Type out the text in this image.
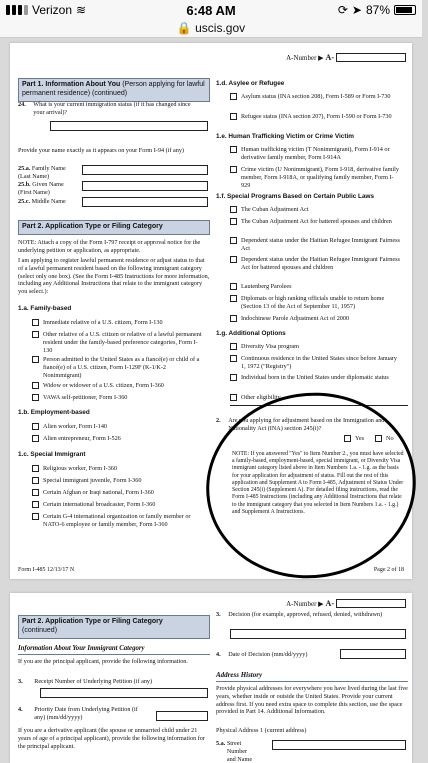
Verizon ≋	6:48 AM	⟳ ➤ 87%
🔒 uscis.gov
A-Number ▶ A-
Part 1. Information About You (Person applying for lawful permanent residence) (continued)
24. What is your current immigration status (if it has changed since your arrival)?
Provide your name exactly as it appears on your Form I-94 (if any)
25.a. Family Name (Last Name)
25.b. Given Name (First Name)
25.c. Middle Name
Part 2. Application Type or Filing Category
NOTE: Attach a copy of the Form I-797 receipt or approval notice for the underlying petition or application, as appropriate.
I am applying to register lawful permanent residence or adjust status to that of a lawful permanent resident based on the following immigrant category (select only one box). (See the Form I-485 Instructions for more information, including any Additional Instructions that relate to the immigrant category you select.):
1.a. Family-based
Immediate relative of a U.S. citizen, Form I-130
Other relative of a U.S. citizen or relative of a lawful permanent resident under the family-based preference categories, Form I-130
Person admitted to the United States as a fiancé(e) or child of a fiancé(e) of a U.S. citizen, Form I-129F (K-1/K-2 Nonimmigrant)
Widow or widower of a U.S. citizen, Form I-360
VAWA self-petitioner, Form I-360
1.b. Employment-based
Alien worker, Form I-140
Alien entrepreneur, Form I-526
1.c. Special Immigrant
Religious worker, Form I-360
Special immigrant juvenile, Form I-360
Certain Afghan or Iraqi national, Form I-360
Certain international broadcaster, Form I-360
Certain G-4 international organization or family member or NATO-6 employee or family member, Form I-360
1.d. Asylee or Refugee
Asylum status (INA section 208), Form I-589 or Form I-730
Refugee status (INA section 207), Form I-590 or Form I-730
1.e. Human Trafficking Victim or Crime Victim
Human trafficking victim (T Nonimmigrant), Form I-914 or derivative family member, Form I-914A
Crime victim (U Nonimmigrant), Form I-918, derivative family member, Form I-918A, or qualifying family member, Form I-929
1.f. Special Programs Based on Certain Public Laws
The Cuban Adjustment Act
The Cuban Adjustment Act for battered spouses and children
Dependent status under the Haitian Refugee Immigrant Fairness Act
Dependent status under the Haitian Refugee Immigrant Fairness Act for battered spouses and children
Lautenberg Parolees
Diplomats or high ranking officials unable to return home (Section 13 of the Act of September 11, 1957)
Indochinese Parole Adjustment Act of 2000
1.g. Additional Options
Diversity Visa program
Continuous residence in the United States since before January 1, 1972 ("Registry")
Individual born in the United States under diplomatic status
Other eligibility
2. Are you applying for adjustment based on the Immigration and Nationality Act (INA) section 245(i)?
Yes	No
NOTE: If you answered "Yes" to Item Number 2., you must have selected a family-based, employment-based, special immigrant, or Diversity Visa immigrant category listed above in Item Numbers 1.a. - 1.g. as the basis for your application for adjustment of status. Fill out the rest of this application and Supplement A to Form I-485, Adjustment of Status Under Section 245(i) (Supplement A). For detailed filing instructions, read the Form I-485 Instructions (including any Additional Instructions that relate to the immigrant category that you selected in Item Numbers 1.a. - 1.g.) and Supplement A Instructions.
Form I-485 12/13/17 N	Page 2 of 18
A-Number ▶ A-
Part 2. Application Type or Filing Category
(continued)
Information About Your Immigrant Category
If you are the principal applicant, provide the following information.
3. Receipt Number of Underlying Petition (if any)
4. Priority Date from Underlying Petition (if any) (mm/dd/yyyy)
If you are a derivative applicant (the spouse or unmarried child under 21 years of age of a principal applicant), provide the following information for the principal applicant.
3. Decision (for example, approved, refused, denied, withdrawn)
4. Date of Decision (mm/dd/yyyy)
Address History
Provide physical addresses for everywhere you have lived during the last five years, whether inside or outside the United States. Provide your current address first. If you need extra space to complete this section, use the space provided in Part 14. Additional Information.
Physical Address 1 (current address)
5.a. Street Number and Name
